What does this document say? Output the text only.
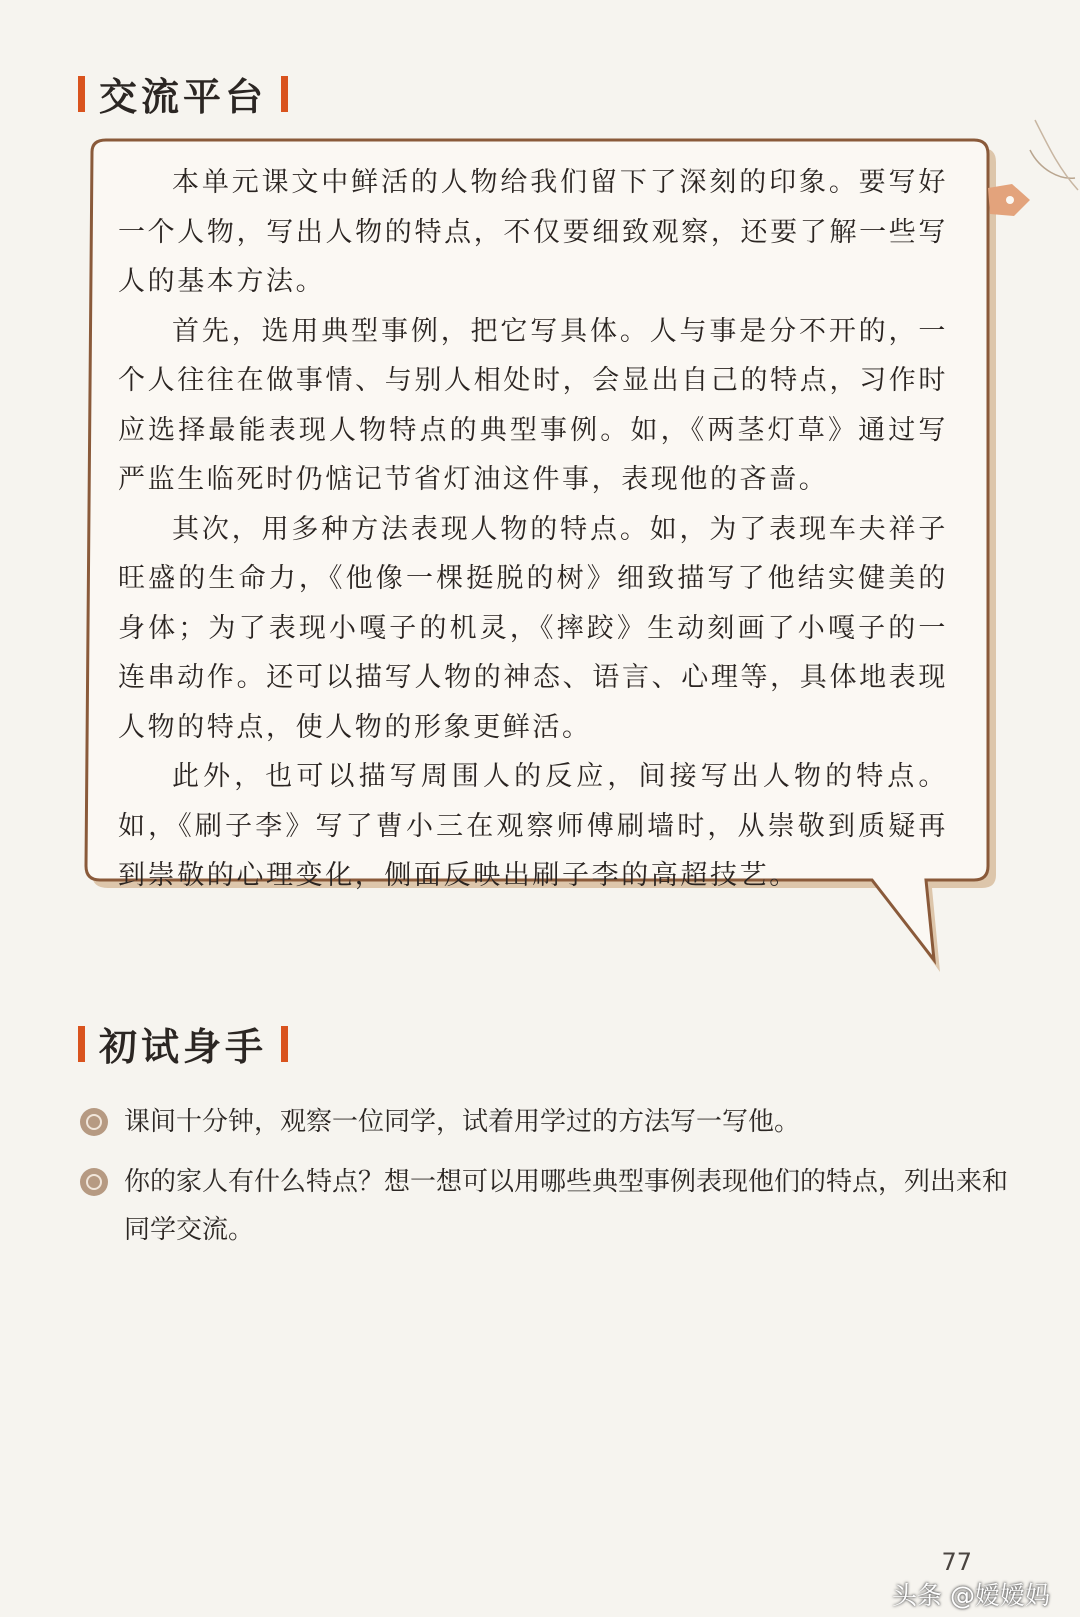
交流平台

本单元课文中鲜活的人物给我们留下了深刻的印象。要写好一个人物，写出人物的特点，不仅要细致观察，还要了解一些写人的基本方法。

首先，选用典型事例，把它写具体。人与事是分不开的，一个人往往在做事情、与别人相处时，会显出自己的特点，习作时应选择最能表现人物特点的典型事例。如，《两茎灯草》通过写严监生临死时仍惦记节省灯油这件事，表现他的吝啬。

其次，用多种方法表现人物的特点。如，为了表现车夫祥子旺盛的生命力，《他像一棵挺脱的树》细致描写了他结实健美的身体；为了表现小嘎子的机灵，《摔跤》生动刻画了小嘎子的一连串动作。还可以描写人物的神态、语言、心理等，具体地表现人物的特点，使人物的形象更鲜活。

此外，也可以描写周围人的反应，间接写出人物的特点。如，《刷子李》写了曹小三在观察师傅刷墙时，从崇敬到质疑再到崇敬的心理变化，侧面反映出刷子李的高超技艺。

初试身手
课间十分钟，观察一位同学，试着用学过的方法写一写他。
你的家人有什么特点？想一想可以用哪些典型事例表现他们的特点，列出来和同学交流。
77
头条 @嫒嫒妈
